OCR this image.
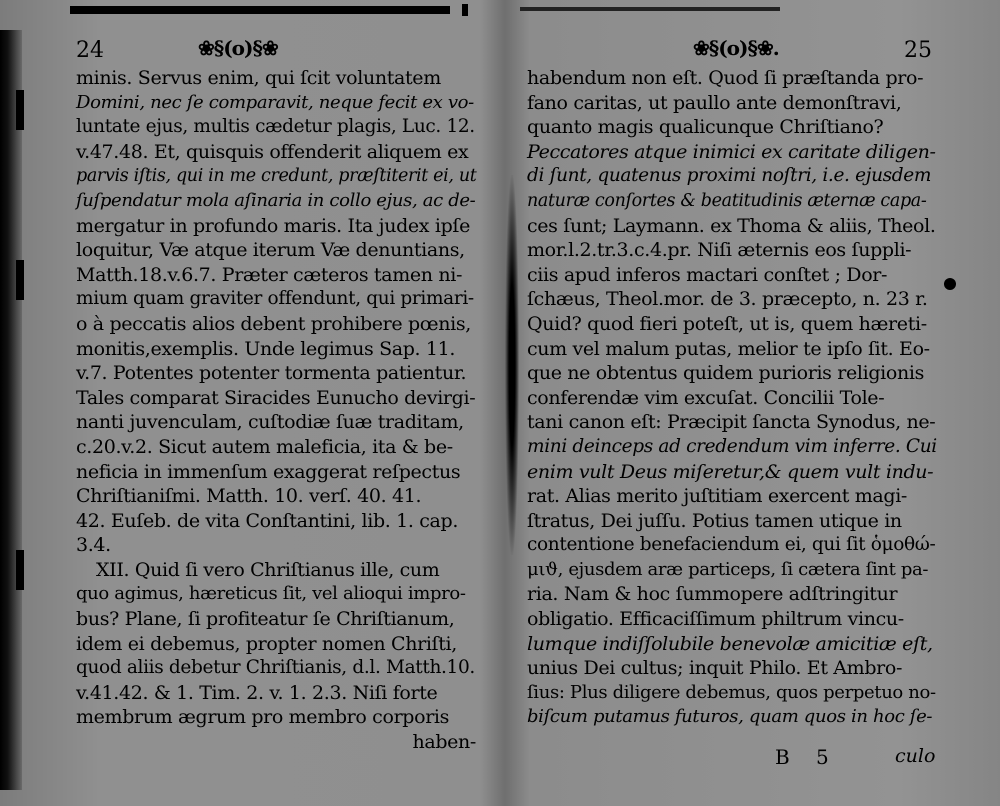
24	❀§(o)§❀	❀§(o)§❀.	25
minis. Servus enim, qui ſcit voluntatem
Domini, nec ſe comparavit, neque fecit ex vo-
luntate ejus, multis cædetur plagis, Luc. 12.
v.47.48. Et, quisquis offenderit aliquem ex
parvis iſtis, qui in me credunt, præſtiterit ei, ut
ſuſpendatur mola aſinaria in collo ejus, ac de-
mergatur in profundo maris. Ita judex ipſe
loquitur, Væ atque iterum Væ denuntians,
Matth.18.v.6.7. Præter cæteros tamen ni-
mium quam graviter offendunt, qui primari-
o à peccatis alios debent prohibere pœnis,
monitis,exemplis. Unde legimus Sap. 11.
v.7. Potentes potenter tormenta patientur.
Tales comparat Siracides Eunucho devirgi-
nanti juvenculam, cuſtodiæ ſuæ traditam,
c.20.v.2. Sicut autem maleficia, ita & be-
neficia in immenſum exaggerat reſpectus
Chriſtianiſmi. Matth. 10. verſ. 40. 41.
42. Euſeb. de vita Conſtantini, lib. 1. cap.
3.4.
XII. Quid ſi vero Chriſtianus ille, cum
quo agimus, hæreticus ſit, vel alioqui impro-
bus? Plane, ſi profiteatur ſe Chriſtianum,
idem ei debemus, propter nomen Chriſti,
quod aliis debetur Chriſtianis, d.l. Matth.10.
v.41.42. & 1. Tim. 2. v. 1. 2.3. Niſi forte
membrum ægrum pro membro corporis
haben-
habendum non eſt. Quod ſi præſtanda pro-
fano caritas, ut paullo ante demonſtravi,
quanto magis qualicunque Chriſtiano?
Peccatores atque inimici ex caritate diligen-
di ſunt, quatenus proximi noſtri, i.e. ejusdem
naturæ conſortes & beatitudinis æternæ capa-
ces ſunt; Laymann. ex Thoma & aliis, Theol.
mor.l.2.tr.3.c.4.pr. Niſi æternis eos ſuppli-
ciis apud inferos mactari conſtet ; Dor-
ſchæus, Theol.mor. de 3. præcepto, n. 23 r.
Quid? quod fieri poteſt, ut is, quem hæreti-
cum vel malum putas, melior te ipſo ſit. Eo-
que ne obtentus quidem purioris religionis
conferendæ vim excuſat. Concilii Tole-
tani canon eſt: Præcipit ſancta Synodus, ne-
mini deinceps ad credendum vim inferre. Cui
enim vult Deus miſeretur,& quem vult indu-
rat. Alias merito juſtitiam exercent magi-
ſtratus, Dei juſſu. Potius tamen utique in
contentione benefaciendum ei, qui ſit ὁμοθώ-
μιϑ, ejusdem aræ particeps, ſi cætera ſint pa-
ria. Nam & hoc ſummopere adſtringitur
obligatio. Efficaciſſimum philtrum vincu-
lumque indiſſolubile benevolæ amicitiæ eſt,
unius Dei cultus; inquit Philo. Et Ambro-
ſius: Plus diligere debemus, quos perpetuo no-
biſcum putamus futuros, quam quos in hoc ſe-
B 5	culo
